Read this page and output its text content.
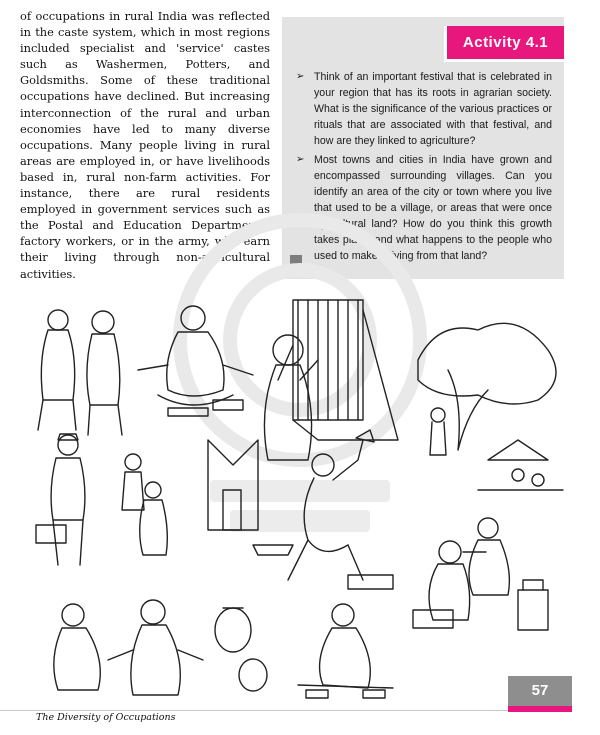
of occupations in rural India was reflected in the caste system, which in most regions included specialist and 'service' castes such as Washermen, Potters, and Goldsmiths. Some of these traditional occupations have declined. But increasing interconnection of the rural and urban economies have led to many diverse occupations. Many people living in rural areas are employed in, or have livelihoods based in, rural non-farm activities. For instance, there are rural residents employed in government services such as the Postal and Education Departments, factory workers, or in the army, who earn their living through non-agricultural activities.

Activity 4.1
➢ Think of an important festival that is celebrated in your region that has its roots in agrarian society. What is the significance of the various practices or rituals that are associated with that festival, and how are they linked to agriculture?
➢ Most towns and cities in India have grown and encompassed surrounding villages. Can you identify an area of the city or town where you live that used to be a village, or areas that were once agricultural land? How do you think this growth takes place, and what happens to the people who used to make a living from that land?
57
The Diversity of Occupations
